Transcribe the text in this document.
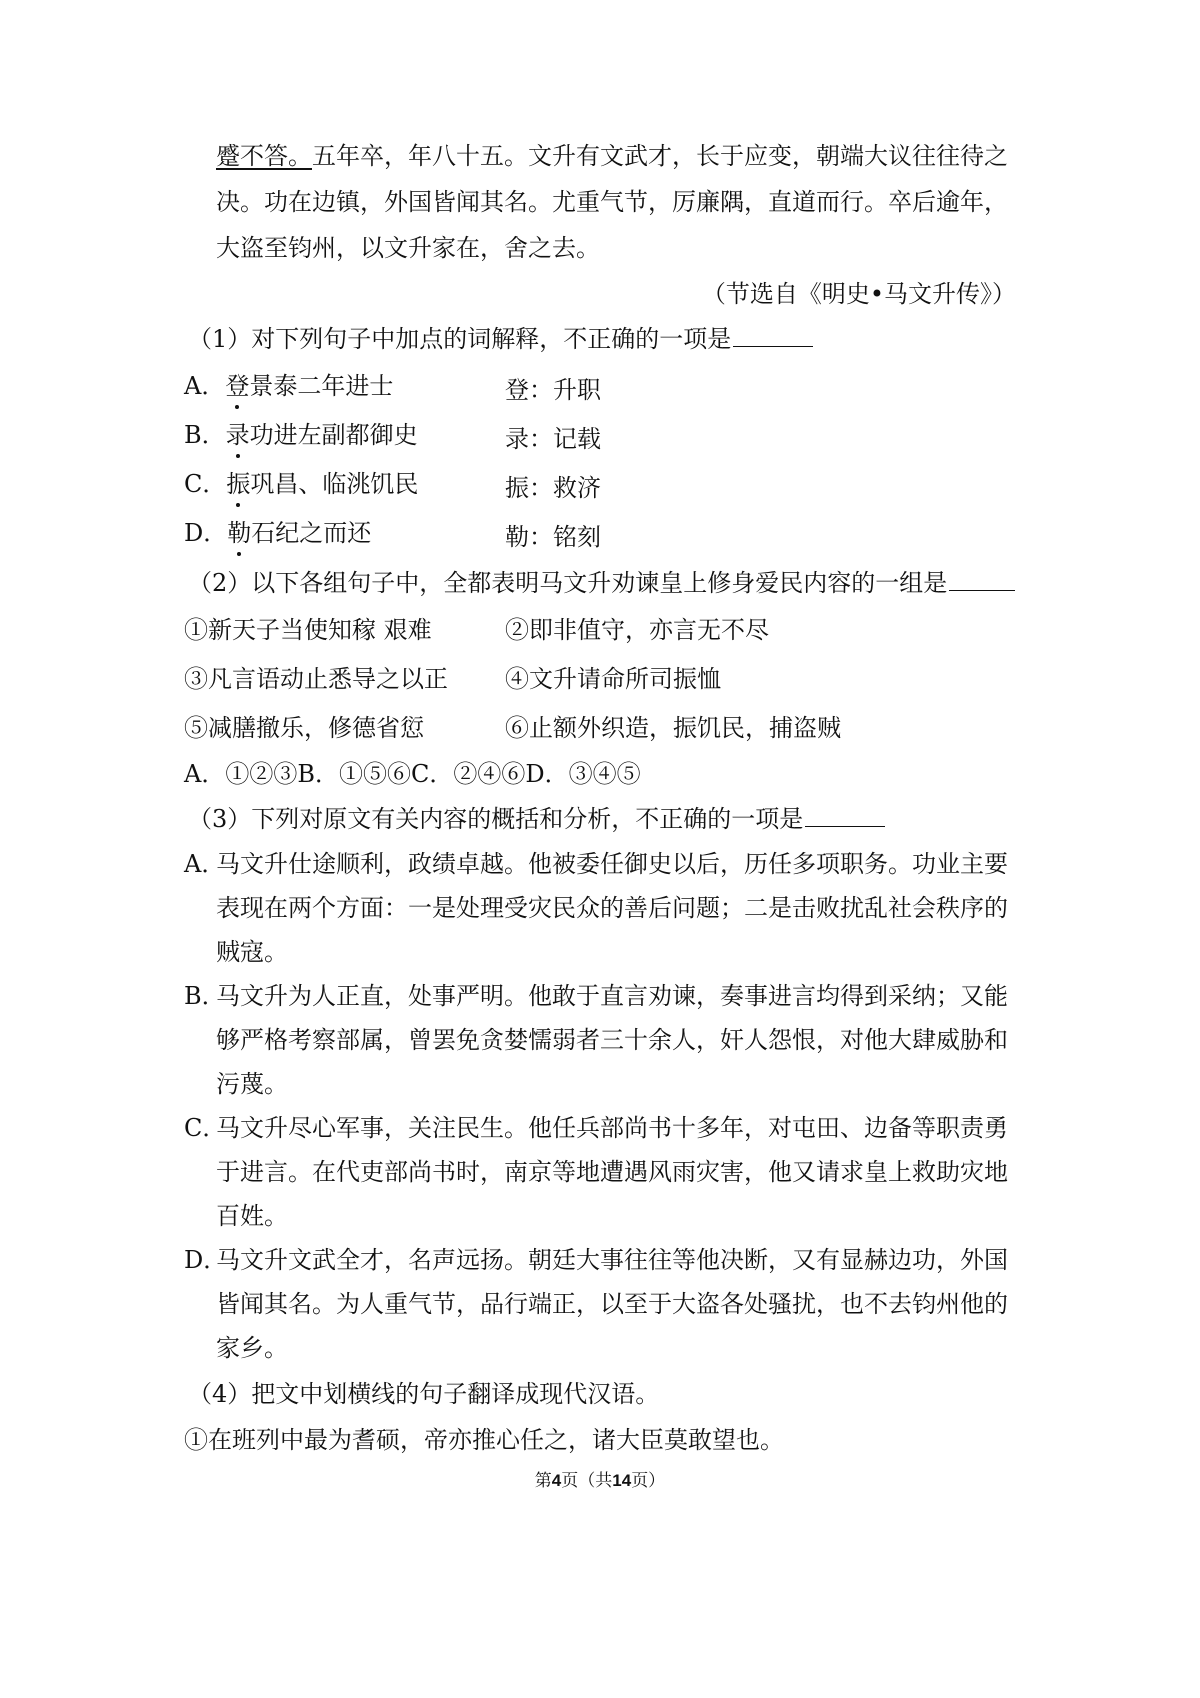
蹙不答。五年卒，年八十五。文升有文武才，长于应变，朝端大议往往待之
决。功在边镇，外国皆闻其名。尤重气节，厉廉隅，直道而行。卒后逾年，
大盗至钧州，以文升家在，舍之去。
（节选自《明史•马文升传》）
（1）对下列句子中加点的词解释，不正确的一项是
A．登景泰二年进士	登：升职
B．录功进左副都御史	录：记载
C．振巩昌、临洮饥民	振：救济
D．勒石纪之而还	勒：铭刻
（2）以下各组句子中，全都表明马文升劝谏皇上修身爱民内容的一组是
①新天子当使知稼 艰难	②即非值守，亦言无不尽
③凡言语动止悉导之以正 ④文升请命所司振恤
⑤减膳撤乐，修德省愆	⑥止额外织造，振饥民，捕盗贼
A．①②③B．①⑤⑥C．②④⑥D．③④⑤
（3）下列对原文有关内容的概括和分析，不正确的一项是
A．
马文升仕途顺利，政绩卓越。他被委任御史以后，历任多项职务。功业主要
表现在两个方面：一是处理受灾民众的善后问题；二是击败扰乱社会秩序的
贼寇。
B．
马文升为人正直，处事严明。他敢于直言劝谏，奏事进言均得到采纳；又能
够严格考察部属，曾罢免贪婪懦弱者三十余人，奸人怨恨，对他大肆威胁和
污蔑。
C．
马文升尽心军事，关注民生。他任兵部尚书十多年，对屯田、边备等职责勇
于进言。在代吏部尚书时，南京等地遭遇风雨灾害，他又请求皇上救助灾地
百姓。
D．
马文升文武全才，名声远扬。朝廷大事往往等他决断，又有显赫边功，外国
皆闻其名。为人重气节，品行端正，以至于大盗各处骚扰，也不去钧州他的
家乡。
（4）把文中划横线的句子翻译成现代汉语。
①在班列中最为耆硕，帝亦推心任之，诸大臣莫敢望也。
第4页（共14页）
